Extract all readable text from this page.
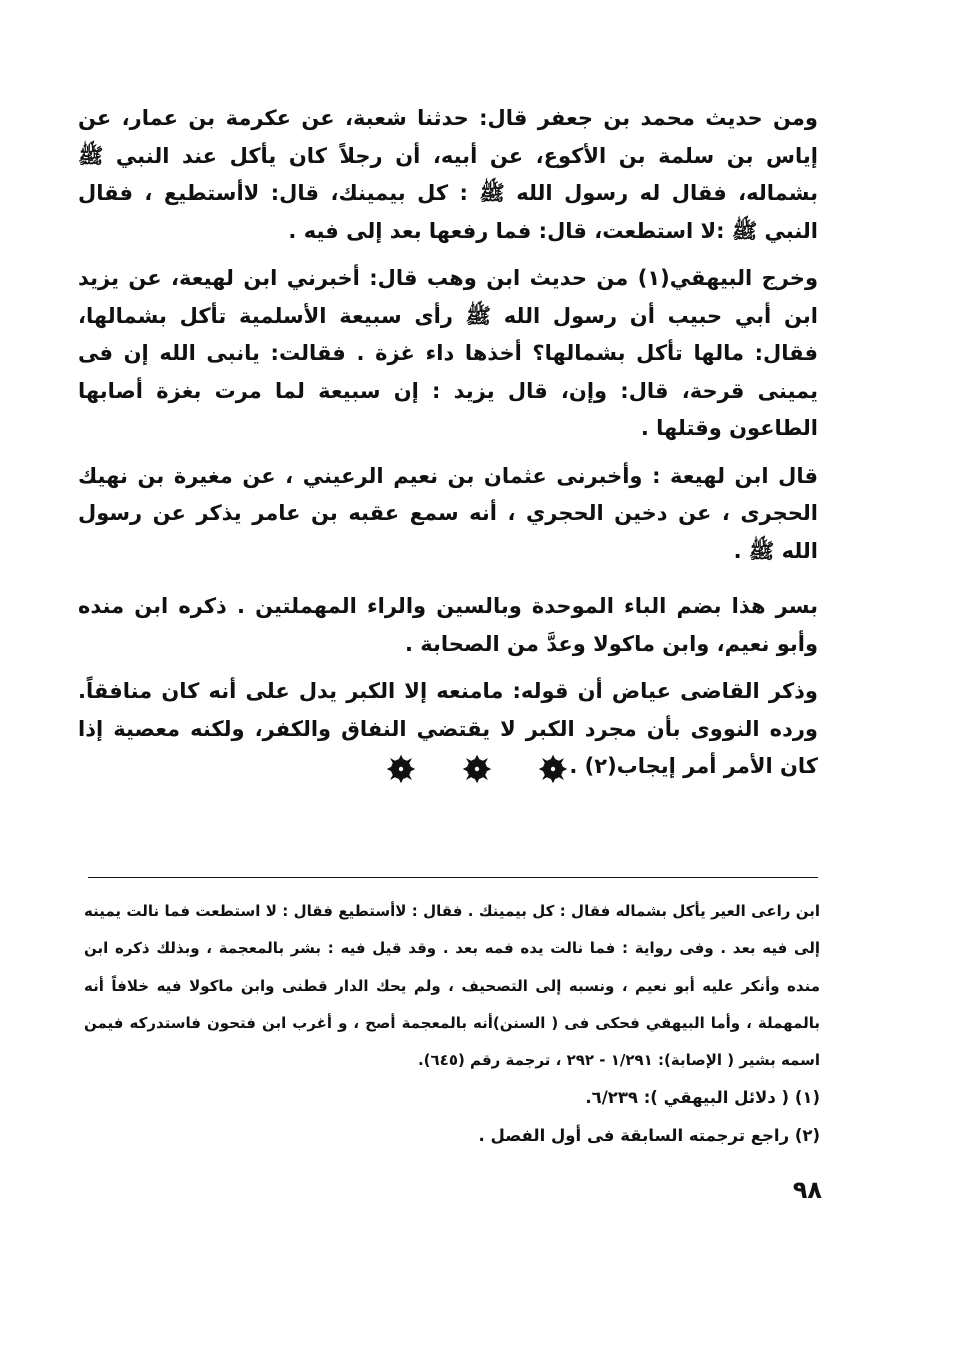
ومن حديث محمد بن جعفر قال: حدثنا شعبة، عن عكرمة بن عمار، عن إياس بن سلمة بن الأكوع، عن أبيه، أن رجلاً كان يأكل عند النبي ﷺ بشماله، فقال له رسول الله ﷺ : كل بيمينك، قال: لاأستطيع ، فقال النبي ﷺ :لا استطعت، قال: فما رفعها بعد إلى فيه .

وخرج البيهقي(١) من حديث ابن وهب قال: أخبرني ابن لهيعة، عن يزيد ابن أبي حبيب أن رسول الله ﷺ رأى سبيعة الأسلمية تأكل بشمالها، فقال: مالها تأكل بشمالها؟ أخذها داء غزة . فقالت: يانبى الله إن فى يمينى قرحة، قال: وإن، قال يزيد : إن سبيعة لما مرت بغزة أصابها الطاعون وقتلها .

قال ابن لهيعة : وأخبرنى عثمان بن نعيم الرعيني ، عن مغيرة بن نهيك الحجرى ، عن دخين الحجري ، أنه سمع عقبه بن عامر يذكر عن رسول الله ﷺ .

بسر هذا بضم الباء الموحدة وبالسين والراء المهملتين . ذكره ابن منده وأبو نعيم، وابن ماكولا وعدَّ من الصحابة .

وذكر القاضى عياض أن قوله: مامنعه إلا الكبر يدل على أنه كان منافقاً. ورده النووى بأن مجرد الكبر لا يقتضي النفاق والكفر، ولكنه معصية إذا كان الأمر أمر إيجاب(٢) .

ابن راعى العير يأكل بشماله فقال : كل بيمينك . فقال : لاأستطيع فقال : لا استطعت فما نالت يمينه إلى فيه بعد . وفى رواية : فما نالت يده فمه بعد . وقد قيل فيه : بشر بالمعجمة ، وبذلك ذكره ابن منده وأنكر عليه أبو نعيم ، ونسبه إلى التصحيف ، ولم يحك الدار قطنى وابن ماكولا فيه خلافاً أنه بالمهملة ، وأما البيهقي فحكى فى ( السنن)أنه بالمعجمة أصح ، و أغرب ابن فتحون فاستدركه فيمن اسمه بشير ( الإصابة): ١/٢٩١ - ٢٩٢ ، ترجمة رقم (٦٤٥).

(١) ( دلائل البيهقي ): ٦/٢٣٩.

(٢) راجع ترجمته السابقة فى أول الفصل .

٩٨
